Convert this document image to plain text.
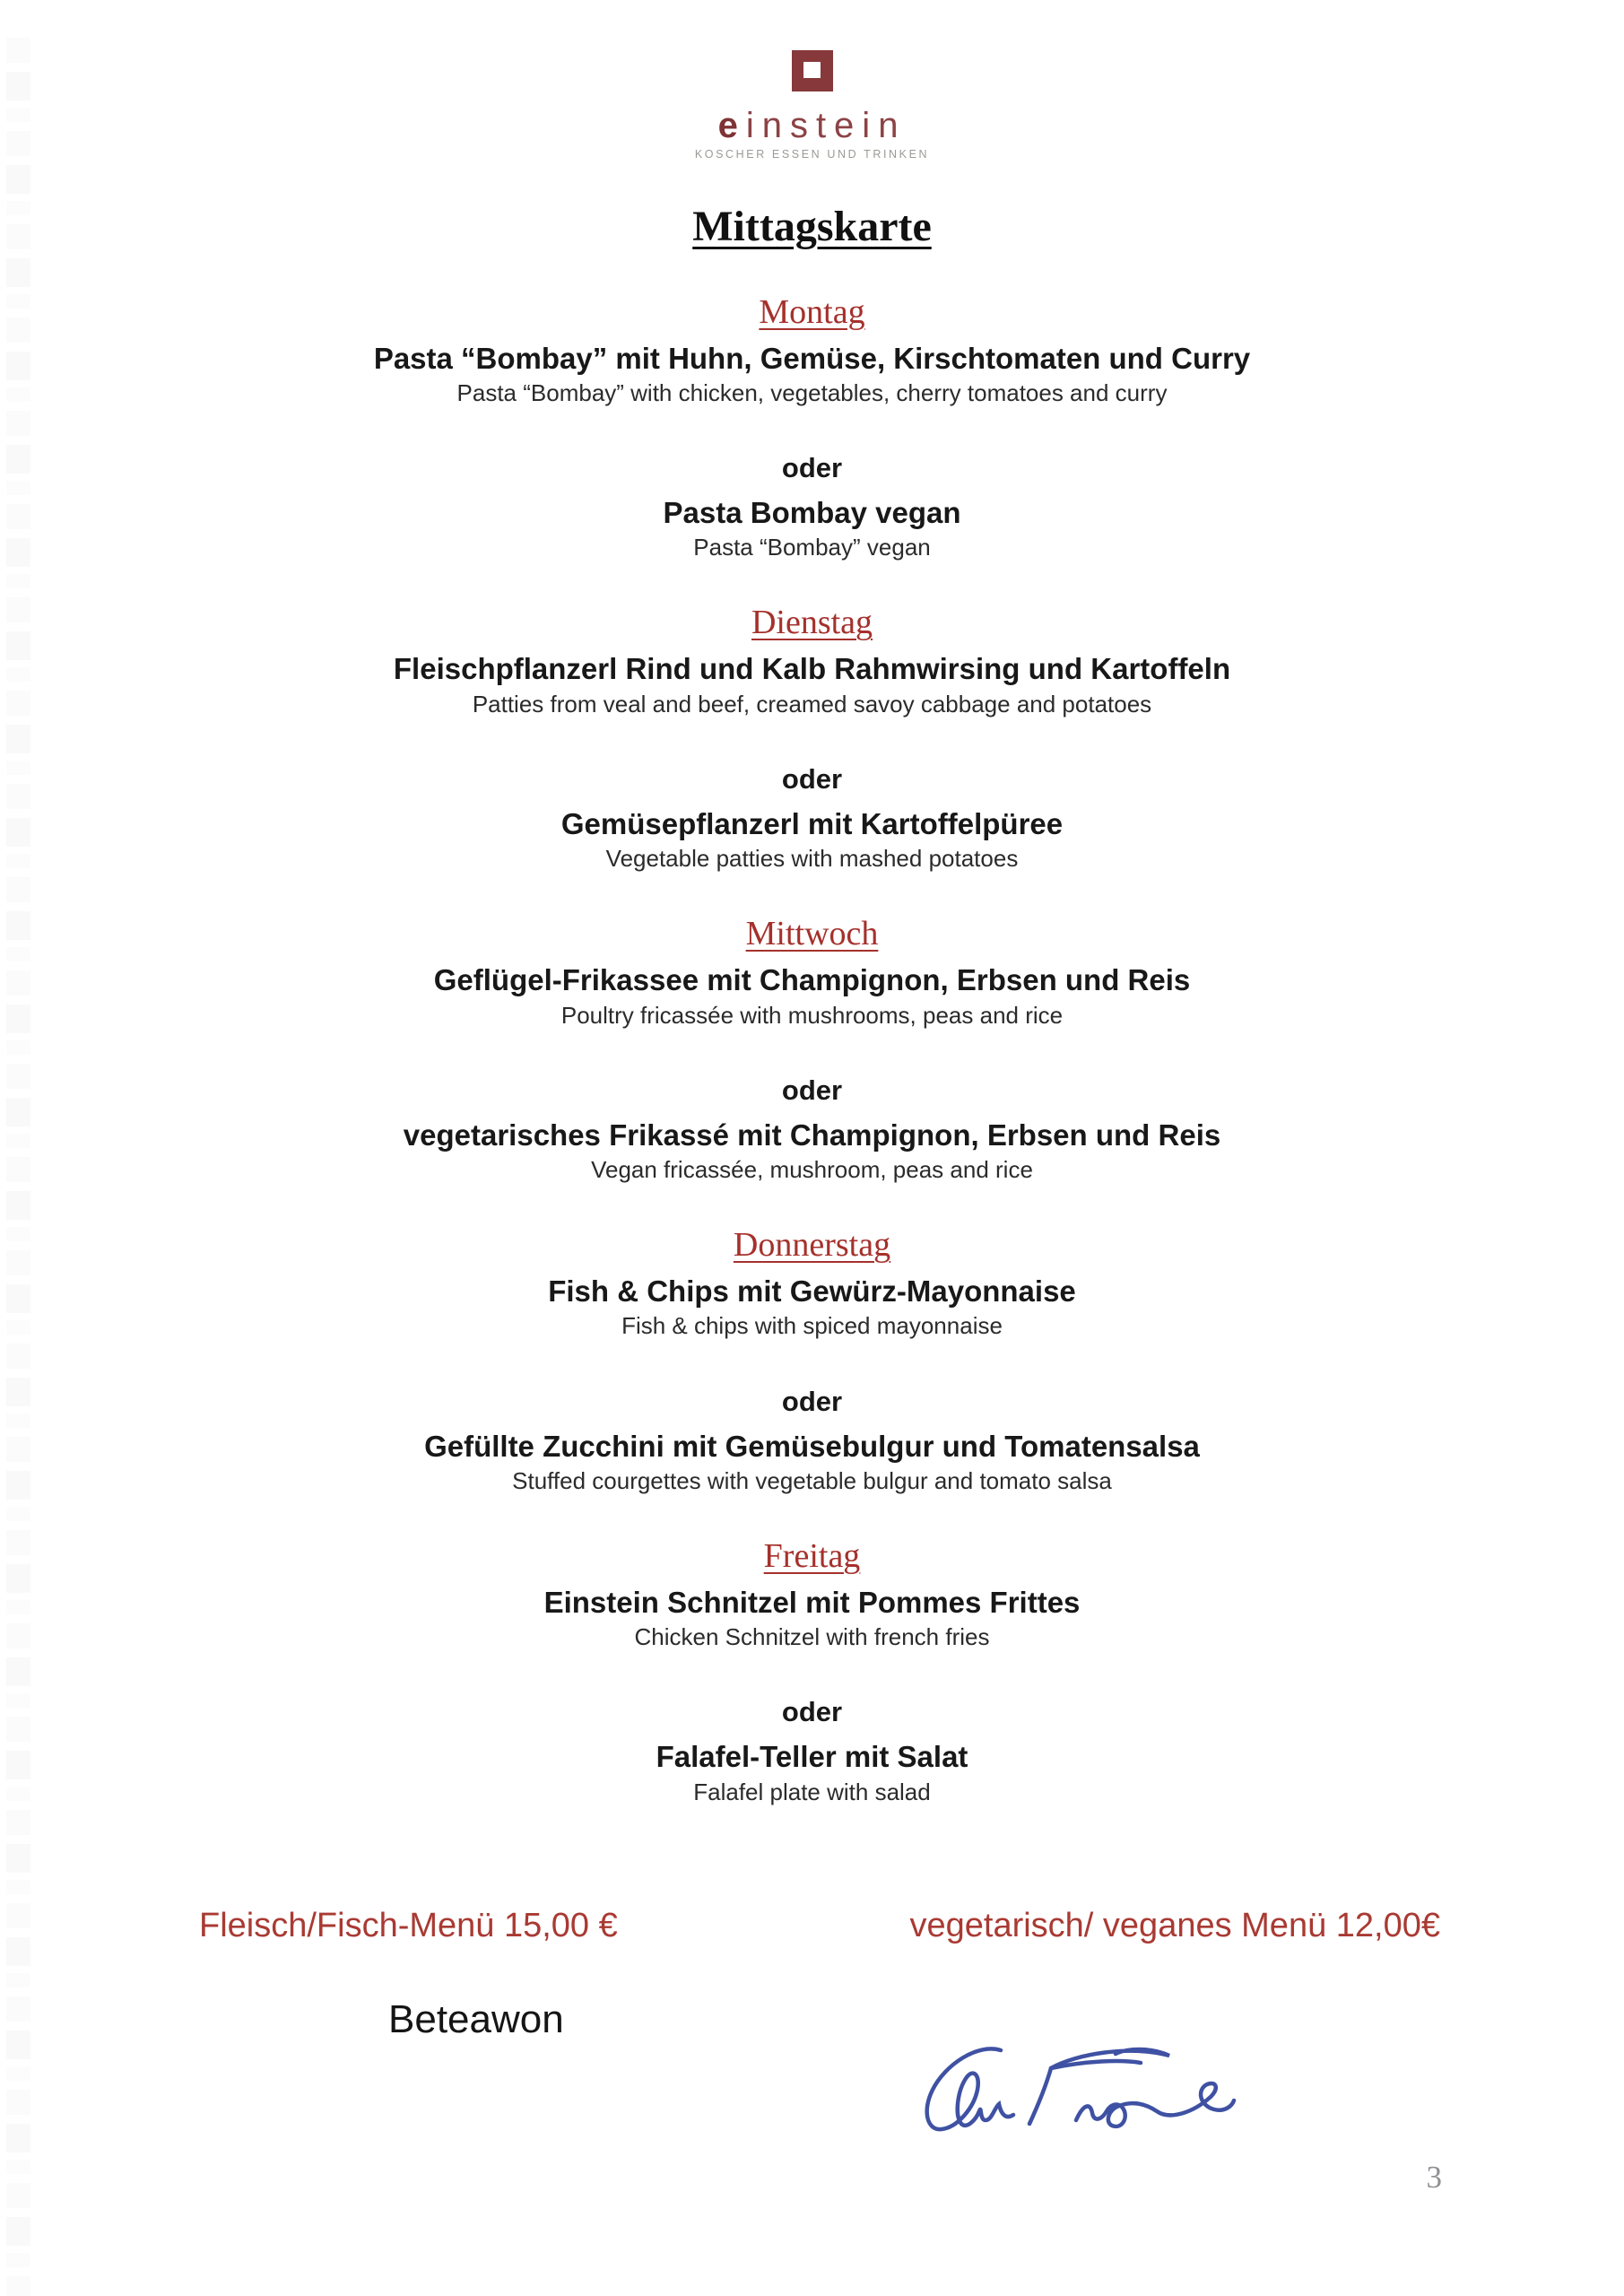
einstein
KOSCHER ESSEN UND TRINKEN
Mittagskarte
Montag
Pasta “Bombay” mit Huhn, Gemüse, Kirschtomaten und Curry
Pasta “Bombay” with chicken, vegetables, cherry tomatoes and curry
oder
Pasta Bombay vegan
Pasta “Bombay” vegan
Dienstag
Fleischpflanzerl Rind und Kalb Rahmwirsing und Kartoffeln
Patties from veal and beef, creamed savoy cabbage and potatoes
oder
Gemüsepflanzerl mit Kartoffelpüree
Vegetable patties with mashed potatoes
Mittwoch
Geflügel-Frikassee mit Champignon, Erbsen und Reis
Poultry fricassée with mushrooms, peas and rice
oder
vegetarisches Frikassé mit Champignon, Erbsen und Reis
Vegan fricassée, mushroom, peas and rice
Donnerstag
Fish & Chips mit Gewürz-Mayonnaise
Fish & chips with spiced mayonnaise
oder
Gefüllte Zucchini mit Gemüsebulgur und Tomatensalsa
Stuffed courgettes with vegetable bulgur and tomato salsa
Freitag
Einstein Schnitzel mit Pommes Frittes
Chicken Schnitzel with french fries
oder
Falafel-Teller mit Salat
Falafel plate with salad
Fleisch/Fisch-Menü 15,00 €	vegetarisch/ veganes Menü 12,00€
Beteawon
3
